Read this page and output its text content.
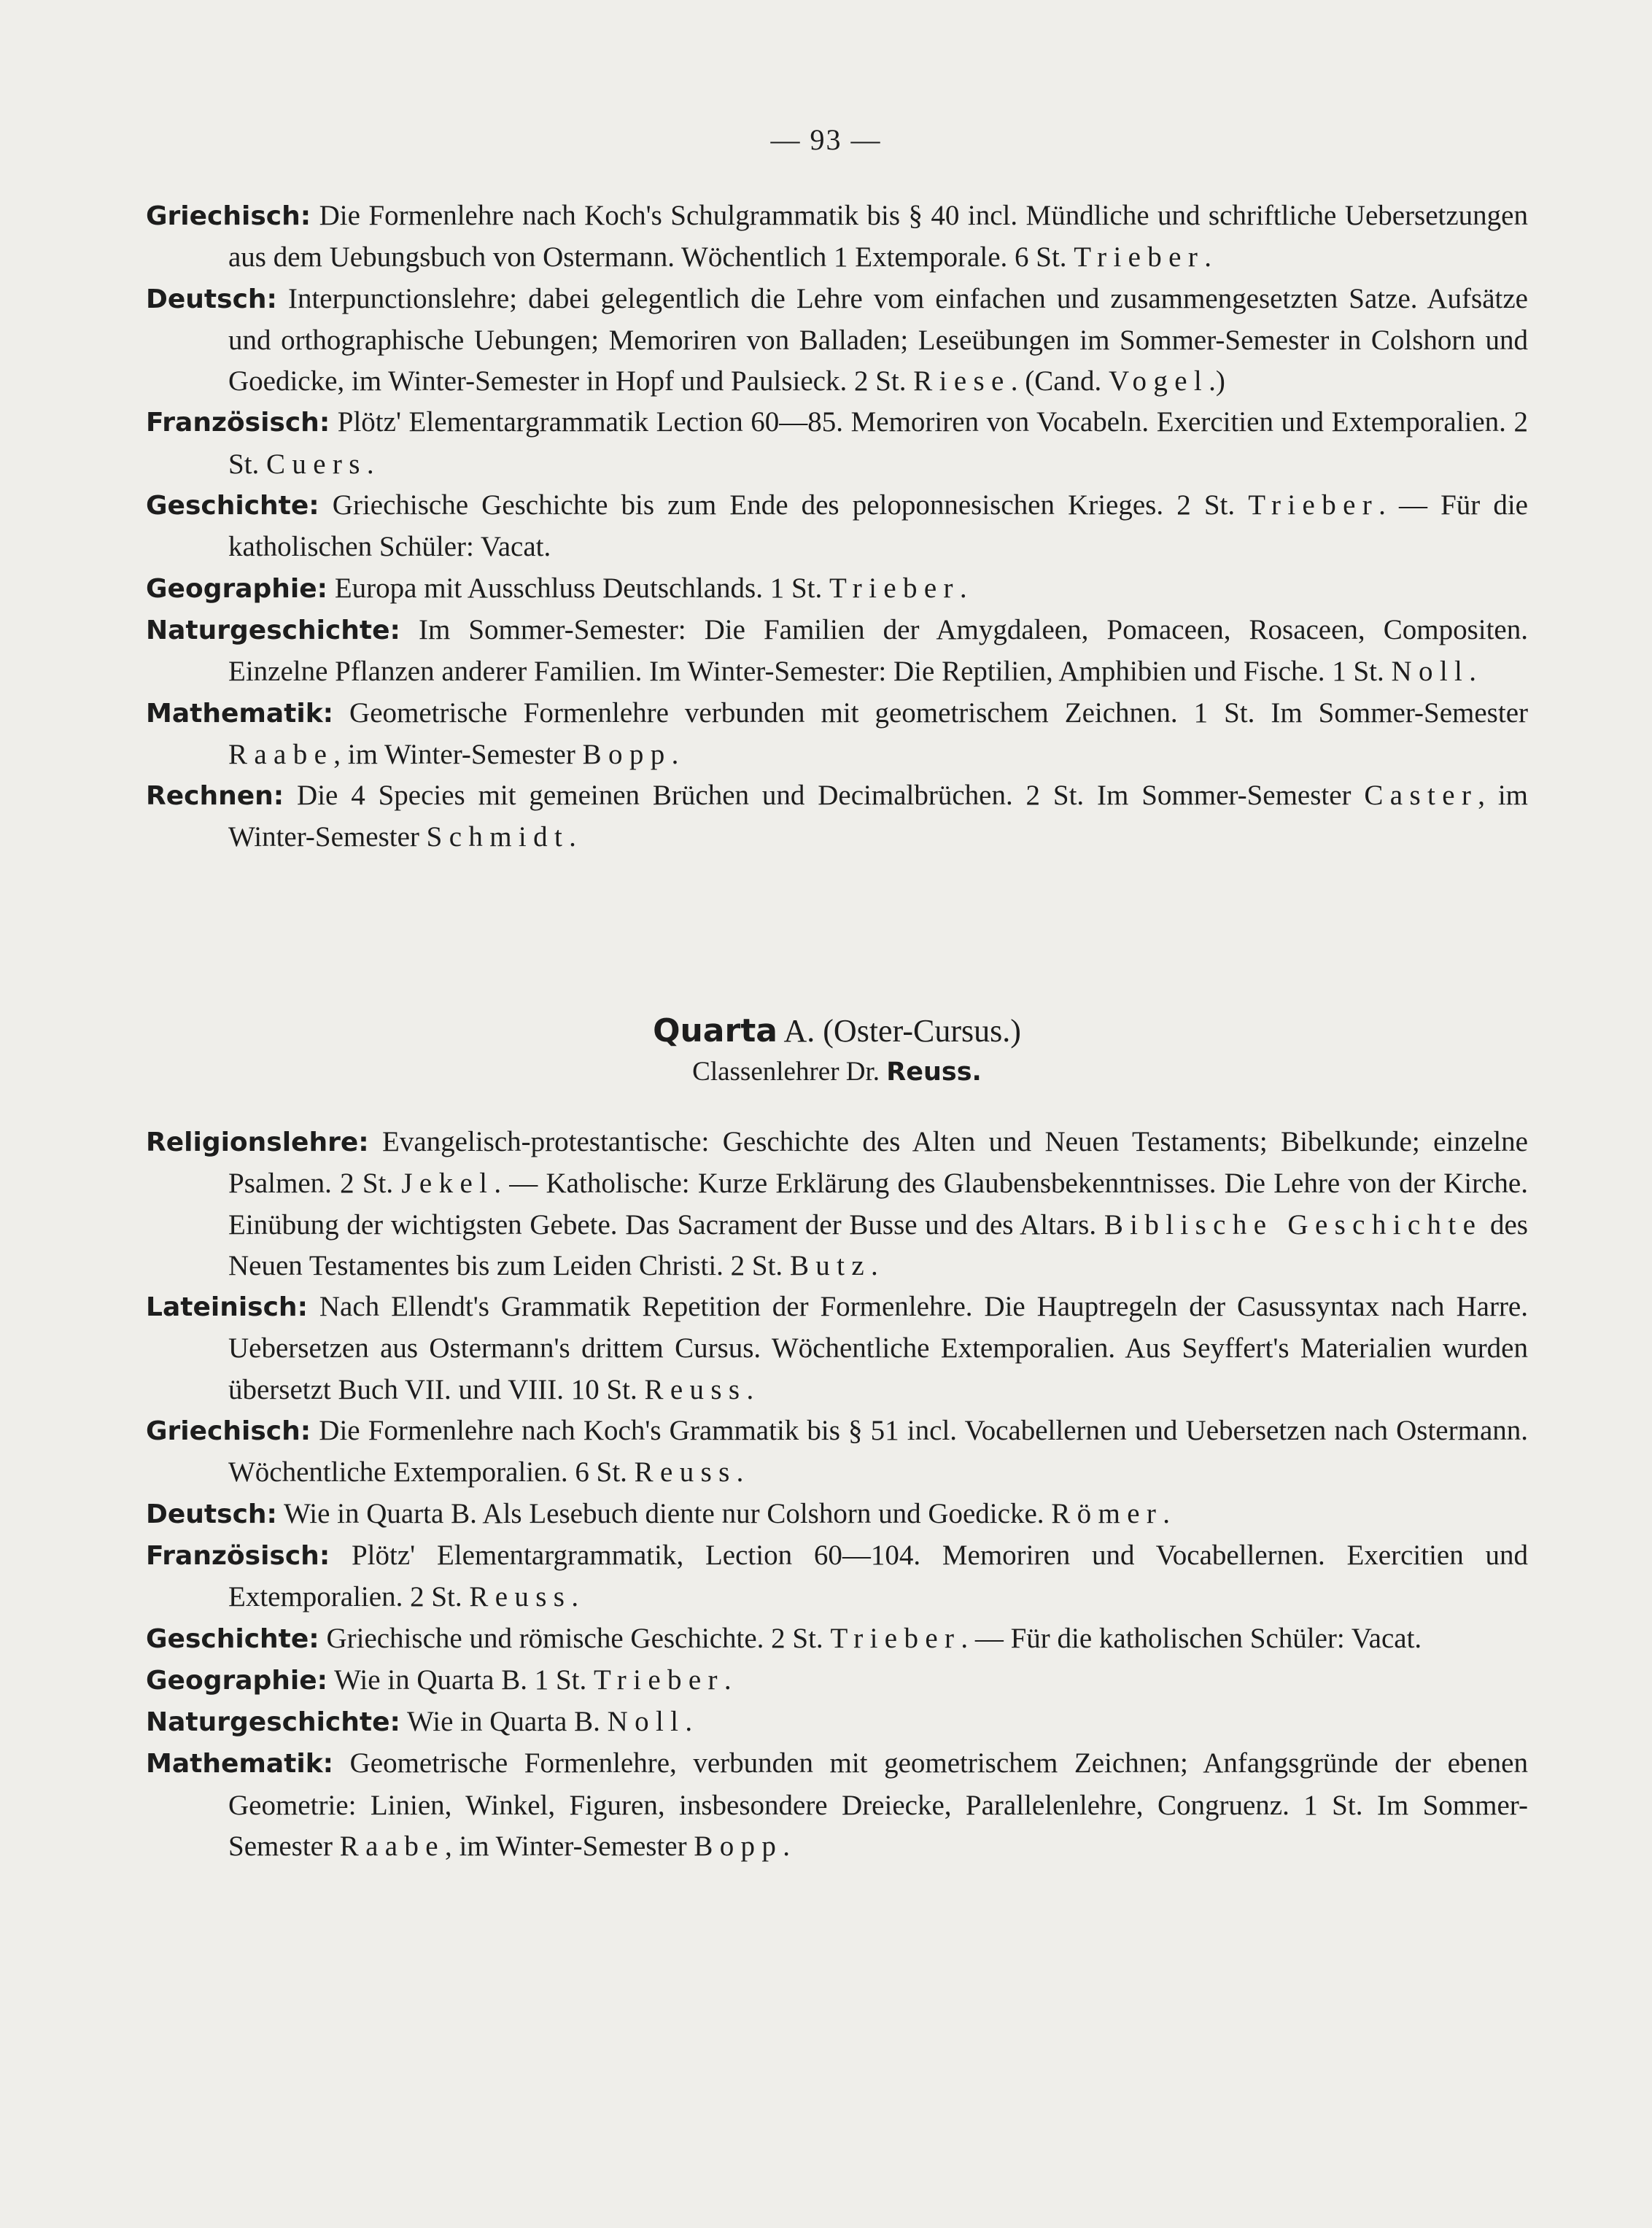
— 93 —

Griechisch: Die Formenlehre nach Koch's Schulgrammatik bis § 40 incl. Mündliche und schriftliche Uebersetzungen aus dem Uebungsbuch von Ostermann. Wöchentlich 1 Extemporale. 6 St. Trieber.

Deutsch: Interpunctionslehre; dabei gelegentlich die Lehre vom einfachen und zusammengesetzten Satze. Aufsätze und orthographische Uebungen; Memoriren von Balladen; Leseübungen im Sommer-Semester in Colshorn und Goedicke, im Winter-Semester in Hopf und Paulsieck. 2 St. Riese. (Cand. Vogel.)

Französisch: Plötz' Elementargrammatik Lection 60—85. Memoriren von Vocabeln. Exercitien und Extemporalien. 2 St. Cuers.

Geschichte: Griechische Geschichte bis zum Ende des peloponnesischen Krieges. 2 St. Trieber. — Für die katholischen Schüler: Vacat.

Geographie: Europa mit Ausschluss Deutschlands. 1 St. Trieber.

Naturgeschichte: Im Sommer-Semester: Die Familien der Amygdaleen, Pomaceen, Rosaceen, Compositen. Einzelne Pflanzen anderer Familien. Im Winter-Semester: Die Reptilien, Amphibien und Fische. 1 St. Noll.

Mathematik: Geometrische Formenlehre verbunden mit geometrischem Zeichnen. 1 St. Im Sommer-Semester Raabe, im Winter-Semester Bopp.

Rechnen: Die 4 Species mit gemeinen Brüchen und Decimalbrüchen. 2 St. Im Sommer-Semester Caster, im Winter-Semester Schmidt.

Quarta A. (Oster-Cursus.)

Classenlehrer Dr. Reuss.

Religionslehre: Evangelisch-protestantische: Geschichte des Alten und Neuen Testaments; Bibelkunde; einzelne Psalmen. 2 St. Jekel. — Katholische: Kurze Erklärung des Glaubensbekenntnisses. Die Lehre von der Kirche. Einübung der wichtigsten Gebete. Das Sacrament der Busse und des Altars. Biblische Geschichte des Neuen Testamentes bis zum Leiden Christi. 2 St. Butz.

Lateinisch: Nach Ellendt's Grammatik Repetition der Formenlehre. Die Hauptregeln der Casussyntax nach Harre. Uebersetzen aus Ostermann's drittem Cursus. Wöchentliche Extemporalien. Aus Seyffert's Materialien wurden übersetzt Buch VII. und VIII. 10 St. Reuss.

Griechisch: Die Formenlehre nach Koch's Grammatik bis § 51 incl. Vocabellernen und Uebersetzen nach Ostermann. Wöchentliche Extemporalien. 6 St. Reuss.

Deutsch: Wie in Quarta B. Als Lesebuch diente nur Colshorn und Goedicke. Römer.

Französisch: Plötz' Elementargrammatik, Lection 60—104. Memoriren und Vocabellernen. Exercitien und Extemporalien. 2 St. Reuss.

Geschichte: Griechische und römische Geschichte. 2 St. Trieber. — Für die katholischen Schüler: Vacat.

Geographie: Wie in Quarta B. 1 St. Trieber.

Naturgeschichte: Wie in Quarta B. Noll.

Mathematik: Geometrische Formenlehre, verbunden mit geometrischem Zeichnen; Anfangsgründe der ebenen Geometrie: Linien, Winkel, Figuren, insbesondere Dreiecke, Parallelenlehre, Congruenz. 1 St. Im Sommer-Semester Raabe, im Winter-Semester Bopp.
